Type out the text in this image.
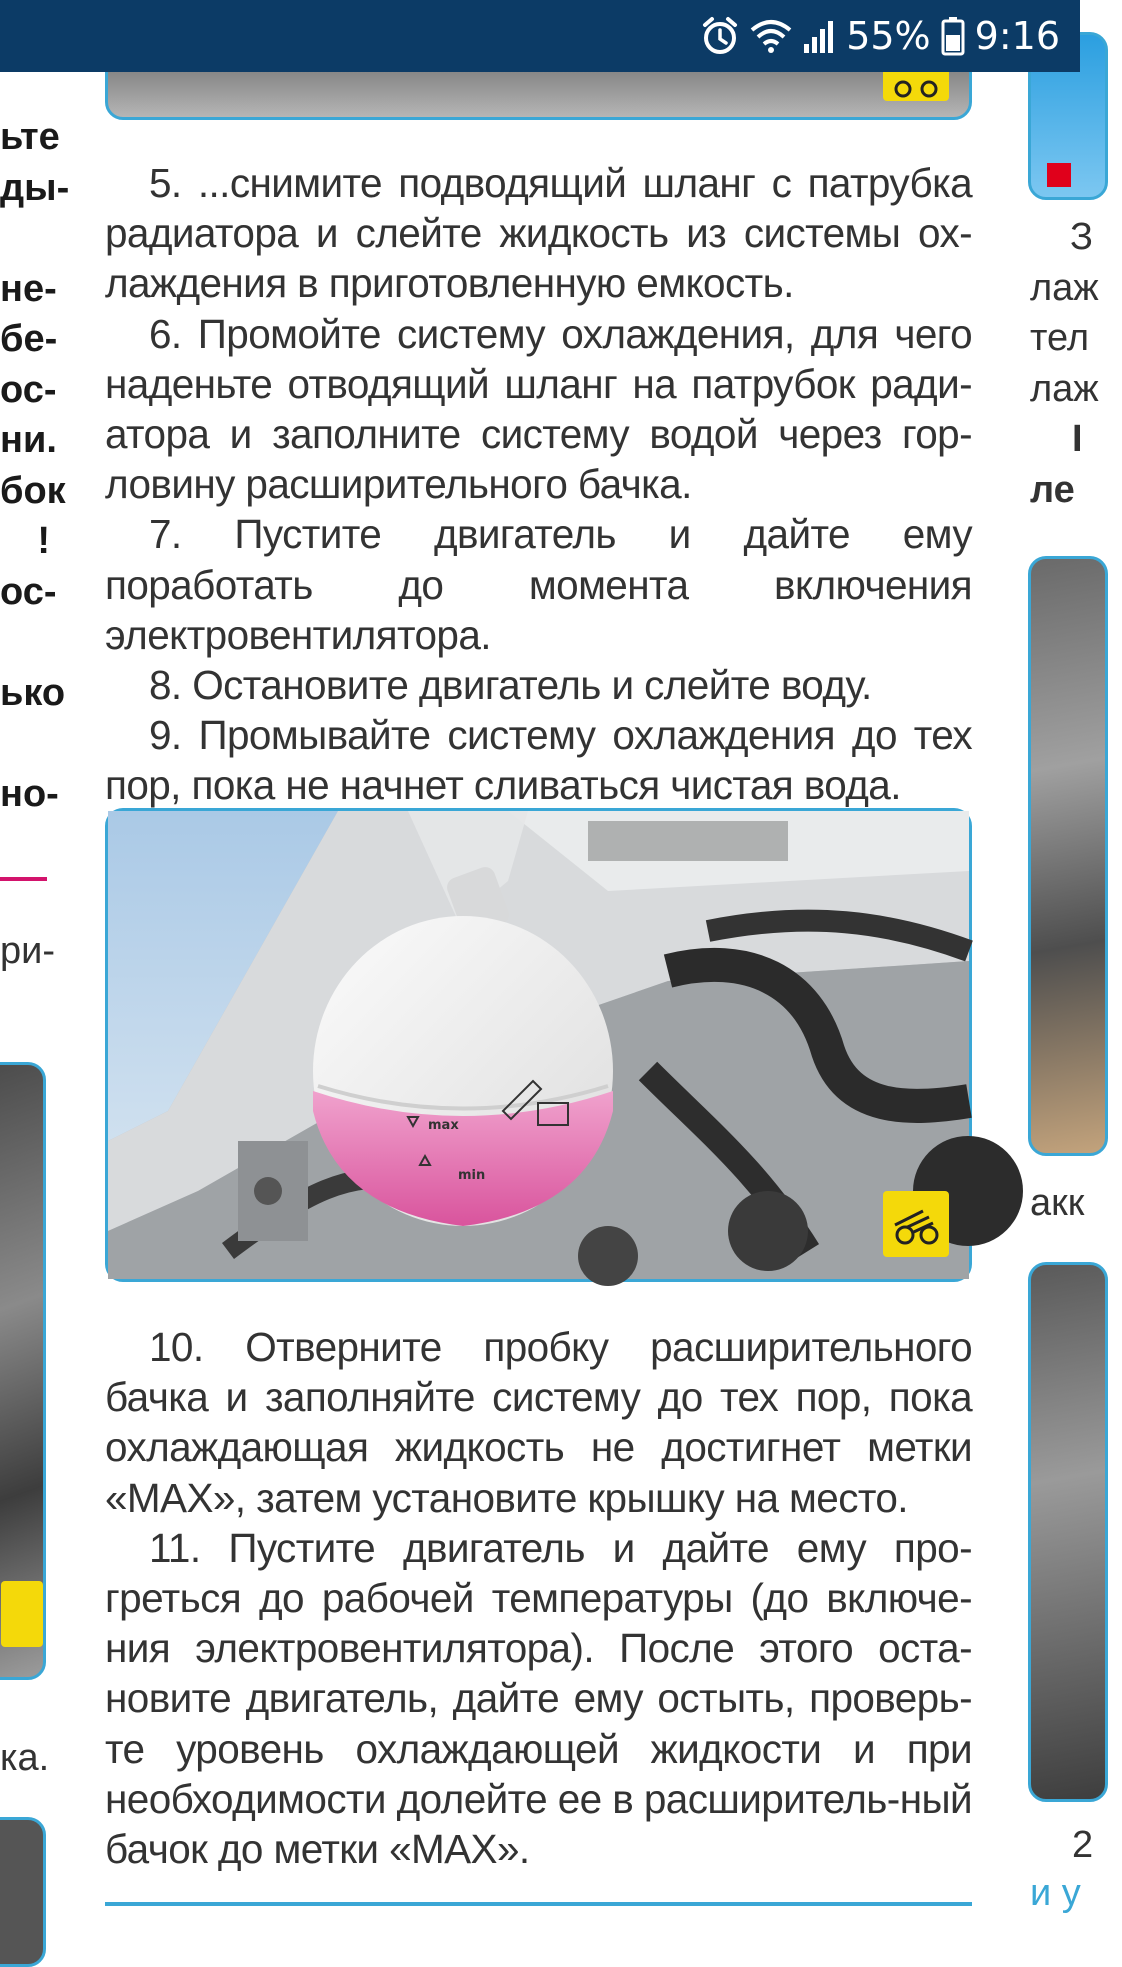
55% 9:16
ьте
ды-
не-
бе-
ос-
ни.
бок
!
ос-
ько
но-
ри-
ка.

5. ...снимите подводящий шланг с патрубка радиатора и слейте жидкость из системы ох-лаждения в приготовленную емкость.

6. Промойте систему охлаждения, для чего наденьте отводящий шланг на патрубок ради-атора и заполните систему водой через гор-ловину расширительного бачка.

7. Пустите двигатель и дайте ему поработать до момента включения электровентилятора.

8. Остановите двигатель и слейте воду.

9. Промывайте систему охлаждения до тех пор, пока не начнет сливаться чистая вода.

max
min

10. Отверните пробку расширительного бачка и заполняйте систему до тех пор, пока охлаждающая жидкость не достигнет метки «MAX», затем установите крышку на место.

11. Пустите двигатель и дайте ему про-греться до рабочей температуры (до включе-ния электровентилятора). После этого оста-новите двигатель, дайте ему остыть, проверь-те уровень охлаждающей жидкости и при необходимости долейте ее в расширитель-ный бачок до метки «MAX».

З
лаж
тел
лаж
I
ле
акк
2
и у
